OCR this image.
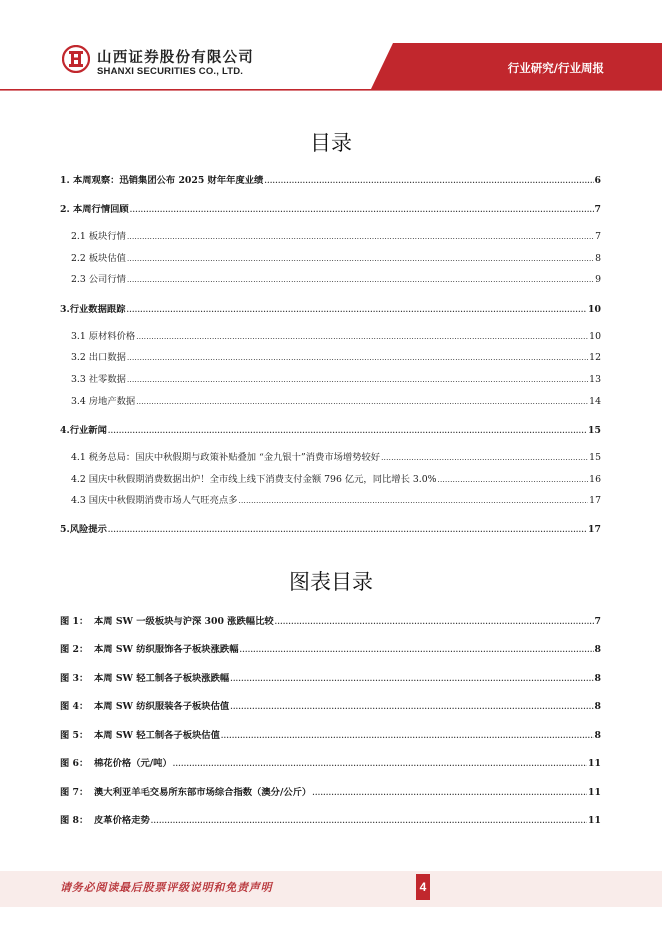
山西证券股份有限公司
SHANXI SECURITIES CO., LTD.	行业研究/行业周报
目录
1. 本周观察：迅销集团公布 2025 财年年度业绩 .....	6
2. 本周行情回顾 .....	7
2.1 板块行情 .....	7
2.2 板块估值 .....	8
2.3 公司行情 .....	9
3.行业数据跟踪 .....	10
3.1 原材料价格 .....	10
3.2 出口数据 .....	12
3.3 社零数据 .....	13
3.4 房地产数据 .....	14
4.行业新闻 .....	15
4.1 税务总局：国庆中秋假期与政策补贴叠加 “金九银十”消费市场增势较好 .....	15
4.2 国庆中秋假期消费数据出炉！全市线上线下消费支付金额 796 亿元，同比增长 3.0% .....	16
4.3 国庆中秋假期消费市场人气旺亮点多 .....	17
5.风险提示 .....	17
图表目录
图 1： 本周 SW 一级板块与沪深 300 涨跌幅比较 .....	7
图 2： 本周 SW 纺织服饰各子板块涨跌幅 .....	8
图 3： 本周 SW 轻工制各子板块涨跌幅 .....	8
图 4： 本周 SW 纺织服装各子板块估值 .....	8
图 5： 本周 SW 轻工制各子板块估值 .....	8
图 6： 棉花价格（元/吨） .....	11
图 7： 澳大利亚羊毛交易所东部市场综合指数（澳分/公斤） .....	11
图 8： 皮革价格走势 .....	11
请务必阅读最后股票评级说明和免责声明	4
